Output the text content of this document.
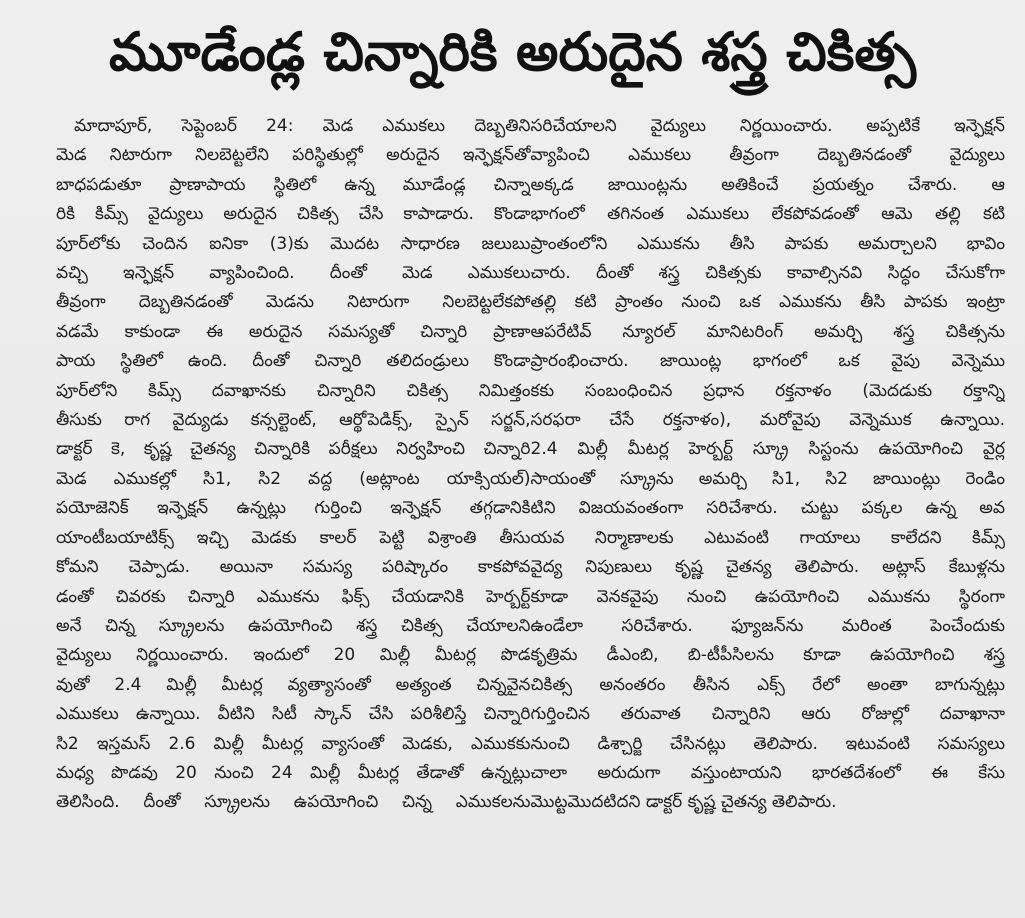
మూడేండ్ల చిన్నారికి అరుదైన శస్త్ర చికిత్స

మాదాపూర్, సెప్టెంబర్ 24: మెడ ఎముకలు దెబ్బతిని

మెడ నిటారుగా నిలబెట్టలేని పరిస్థితుల్లో అరుదైన ఇన్ఫెక్షన్‌తో

బాధపడుతూ ప్రాణాపాయ స్థితిలో ఉన్న మూడేండ్ల చిన్నా

రికి కిమ్స్ వైద్యులు అరుదైన చికిత్స చేసి కాపాడారు. కొండా

పూర్‌లోకు చెందిన ఐనికా (3)కు మొదట సాధారణ జలుబు

వచ్చి ఇన్ఫెక్షన్ వ్యాపించింది. దీంతో మెడ ఎముకలు

తీవ్రంగా దెబ్బతినడంతో మెడను నిటారుగా నిలబెట్టలేకపో

వడమే కాకుండా ఈ అరుదైన సమస్యతో చిన్నారి ప్రాణా

పాయ స్థితిలో ఉంది. దీంతో చిన్నారి తలిదండ్రులు కొండా

పూర్‌లోని కిమ్స్ దవాఖానకు చిన్నారిని చికిత్స నిమిత్తం

తీసుకు రాగ వైద్యుడు కన్సల్టెంట్, ఆర్థోపెడిక్స్, స్పైన్ సర్జన్,

డాక్టర్ కె, కృష్ణ చైతన్య చిన్నారికి పరీక్షలు నిర్వహించి చిన్నారి

మెడ ఎముకల్లో సి1, సి2 వద్ద (అట్లాంట యాక్సియల్)

పయోజెనిక్ ఇన్ఫెక్షన్ ఉన్నట్లు గుర్తించి ఇన్ఫెక్షన్ తగ్గడానికి

యాంటీబయాటిక్స్ ఇచ్చి మెడకు కాలర్ పెట్టి విశ్రాంతి తీసు

కోమని చెప్పాడు. అయినా సమస్య పరిష్కారం కాకపోవ

డంతో చివరకు చిన్నారి ఎముకను ఫిక్స్ చేయడానికి హెర్బర్ట్

అనే చిన్న స్క్రూలను ఉపయోగించి శస్త్ర చికిత్స చేయాలని

వైద్యులు నిర్ణయించారు. ఇందులో 20 మిల్లీ మీటర్ల పొడ

వుతో 2.4 మిల్లీ మీటర్ల వ్యత్యాసంతో అత్యంత చిన్నవైన

ఎముకలు ఉన్నాయి. వీటిని సిటీ స్కాన్ చేసి పరిశీలిస్తే చిన్నారి

సి2 ఇస్తమస్ 2.6 మిల్లీ మీటర్ల వ్యాసంతో మెడకు, ఎముకకు

మధ్య పొడవు 20 నుంచి 24 మిల్లీ మీటర్ల తేడాతో ఉన్నట్లు

తెలిసింది. దీంతో స్క్రూలను ఉపయోగించి చిన్న ఎముకలను

సరిచేయాలని వైద్యులు నిర్ణయించారు. అప్పటికే ఇన్ఫెక్షన్

వ్యాపించి ఎముకలు తీవ్రంగా దెబ్బతినడంతో వైద్యులు

అక్కడ జాయింట్లను అతికించే ప్రయత్నం చేశారు. ఆ

భాగంలో తగినంత ఎముకలు లేకపోవడంతో ఆమె తల్లి కటి

ప్రాంతంలోని ఎముకను తీసి పాపకు అమర్చాలని భావిం

చారు. దీంతో శస్త్ర చికిత్సకు కావాల్సినవి సిద్ధం చేసుకోగా

తల్లి కటి ప్రాంతం నుంచి ఒక ఎముకను తీసి పాపకు ఇంట్రా

ఆపరేటివ్ న్యూరల్ మానిటరింగ్ అమర్చి శస్త్ర చికిత్సను

ప్రారంభించారు. జాయింట్ల భాగంలో ఒక వైపు వెన్నెము

కకు సంబంధించిన ప్రధాన రక్తనాళం (మెదడుకు రక్తాన్ని

సరఫరా చేసే రక్తనాళం), మరోవైపు వెన్నెముక ఉన్నాయి.

2.4 మిల్లీ మీటర్ల హెర్బర్ట్ స్క్రూ సిస్టంను ఉపయోగించి వైర్ల

సాయంతో స్క్రూను అమర్చి సి1, సి2 జాయింట్లు రెండిం

టిని విజయవంతంగా సరిచేశారు. చుట్టు పక్కల ఉన్న అవ

యవ నిర్మాణాలకు ఎటువంటి గాయాలు కాలేదని కిమ్స్

వైద్య నిపుణులు కృష్ణ చైతన్య తెలిపారు. అట్లాస్ కేబుళ్లను

కూడా వెనకవైపు నుంచి ఉపయోగించి ఎముకను స్థిరంగా

ఉండేలా సరిచేశారు. ఫ్యూజన్‌ను మరింత పెంచేందుకు

కృత్రిమ డీఎంబి, బి-టీపీసిలను కూడా ఉపయోగించి శస్త్ర

చికిత్స అనంతరం తీసిన ఎక్స్ రేలో అంతా బాగున్నట్లు

గుర్తించిన తరువాత చిన్నారిని ఆరు రోజుల్లో దవాఖానా

నుంచి డిశ్చార్జి చేసినట్లు తెలిపారు. ఇటువంటి సమస్యలు

చాలా అరుదుగా వస్తుంటాయని భారతదేశంలో ఈ కేసు

మొట్టమొదటిదని డాక్టర్ కృష్ణ చైతన్య తెలిపారు.
